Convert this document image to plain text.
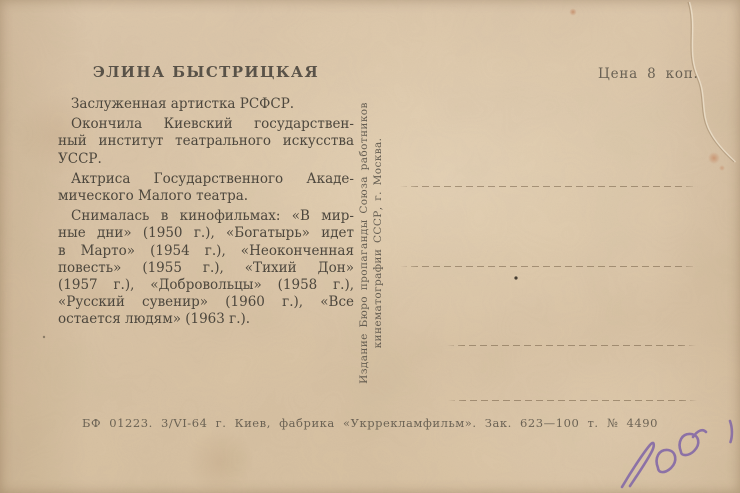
ЭЛИНА БЫСТРИЦКАЯ	Цена 8 коп.

Заслуженная артистка РСФСР.

Окончила Киевский государствен-
ный институт театрального искусства
УССР.

Актриса Государственного Акаде-
мического Малого театра.

Снималась в кинофильмах: «В мир-
ные дни» (1950 г.), «Богатырь» идет
в Марто» (1954 г.), «Неоконченная
повесть» (1955 г.), «Тихий Дон»
(1957 г.), «Добровольцы» (1958 г.),
«Русский сувенир» (1960 г.), «Все
остается людям» (1963 г.).	Издание Бюро пропаганды Союза работников кинематографии СССР, г. Москва.
БФ 01223. 3/VI-64 г. Киев, фабрика «Укррекламфильм». Зак. 623—100 т. № 4490
